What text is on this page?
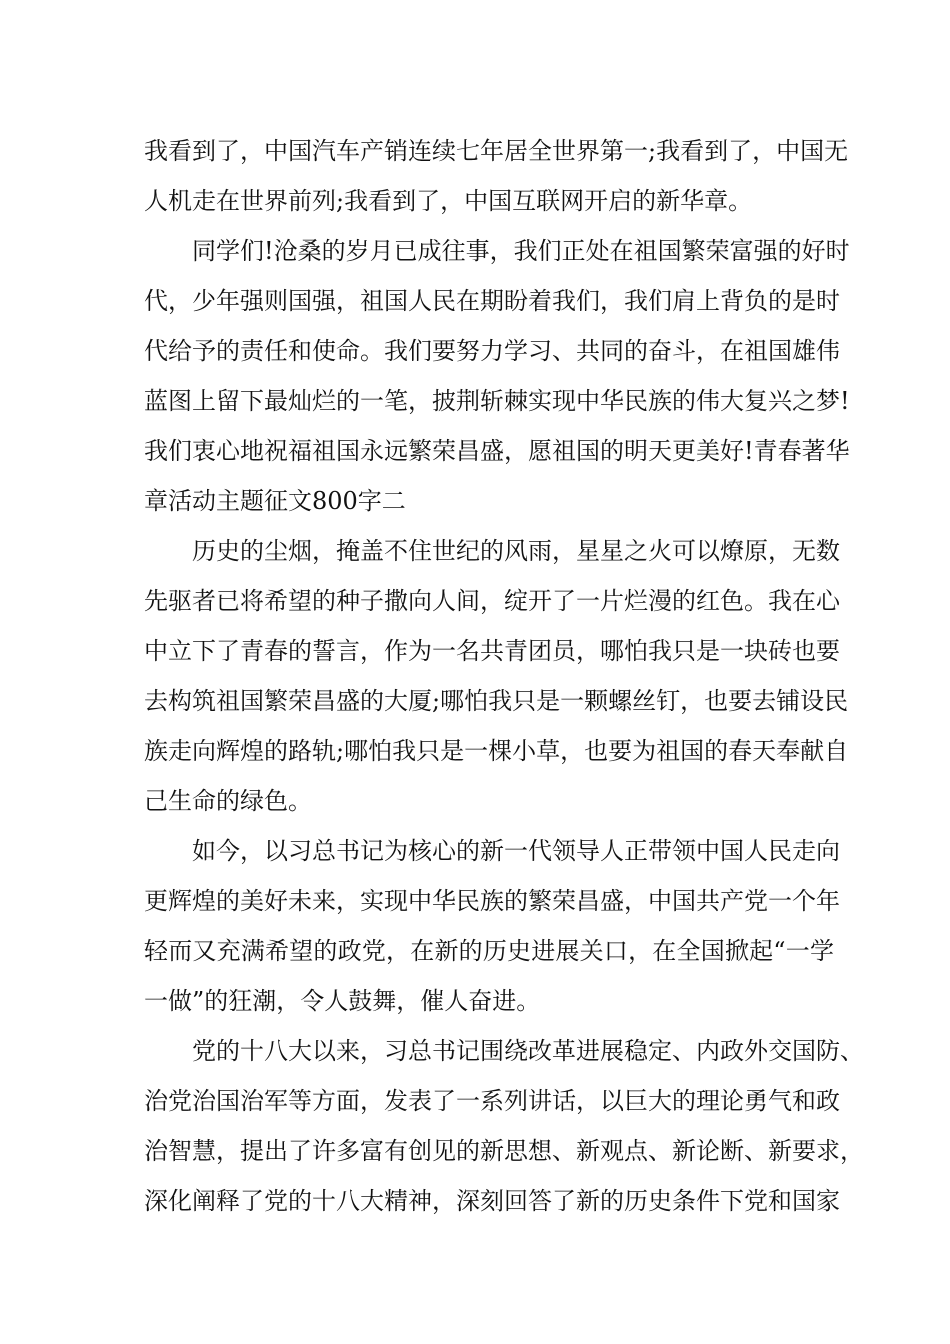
我看到了，中国汽车产销连续七年居全世界第一;我看到了，中国无
人机走在世界前列;我看到了，中国互联网开启的新华章。
同学们!沧桑的岁月已成往事，我们正处在祖国繁荣富强的好时
代，少年强则国强，祖国人民在期盼着我们，我们肩上背负的是时
代给予的责任和使命。我们要努力学习、共同的奋斗，在祖国雄伟
蓝图上留下最灿烂的一笔，披荆斩棘实现中华民族的伟大复兴之梦!
我们衷心地祝福祖国永远繁荣昌盛，愿祖国的明天更美好!青春著华
章活动主题征文800字二
历史的尘烟，掩盖不住世纪的风雨，星星之火可以燎原，无数
先驱者已将希望的种子撒向人间，绽开了一片烂漫的红色。我在心
中立下了青春的誓言，作为一名共青团员，哪怕我只是一块砖也要
去构筑祖国繁荣昌盛的大厦;哪怕我只是一颗螺丝钉，也要去铺设民
族走向辉煌的路轨;哪怕我只是一棵小草，也要为祖国的春天奉献自
己生命的绿色。
如今，以习总书记为核心的新一代领导人正带领中国人民走向
更辉煌的美好未来，实现中华民族的繁荣昌盛，中国共产党一个年
轻而又充满希望的政党，在新的历史进展关口，在全国掀起“一学
一做”的狂潮，令人鼓舞，催人奋进。
党的十八大以来，习总书记围绕改革进展稳定、内政外交国防、
治党治国治军等方面，发表了一系列讲话，以巨大的理论勇气和政
治智慧，提出了许多富有创见的新思想、新观点、新论断、新要求，
深化阐释了党的十八大精神，深刻回答了新的历史条件下党和国家
